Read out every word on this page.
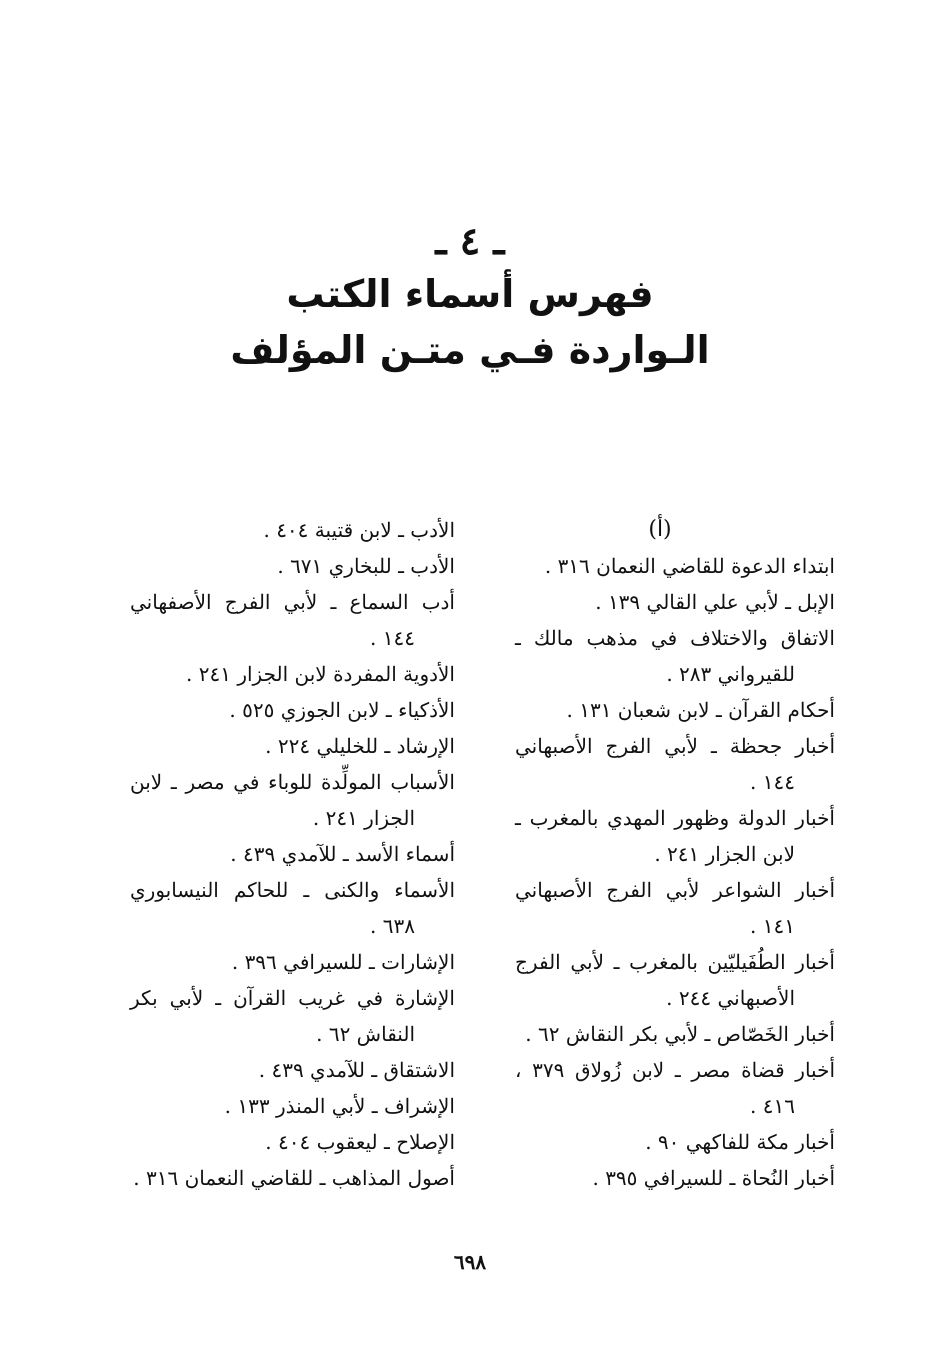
ـ ٤ ـ
فهرس أسماء الكتب
الـواردة فـي متـن المؤلف
(أ)

ابتداء الدعوة للقاضي النعمان ٣١٦ .

الإبل ـ لأبي علي القالي ١٣٩ .

الاتفاق والاختلاف في مذهب مالك ـ للقيرواني ٢٨٣ .

أحكام القرآن ـ لابن شعبان ١٣١ .

أخبار جحظة ـ لأبي الفرج الأصبهاني ١٤٤ .

أخبار الدولة وظهور المهدي بالمغرب ـ لابن الجزار ٢٤١ .

أخبار الشواعر لأبي الفرج الأصبهاني ١٤١ .

أخبار الطُفَيليّين بالمغرب ـ لأبي الفرج الأصبهاني ٢٤٤ .

أخبار الخَصّاص ـ لأبي بكر النقاش ٦٢ .

أخبار قضاة مصر ـ لابن زُولاق ٣٧٩ ، ٤١٦ .

أخبار مكة للفاكهي ٩٠ .

أخبار النُحاة ـ للسيرافي ٣٩٥ .

الأدب ـ لابن قتيبة ٤٠٤ .

الأدب ـ للبخاري ٦٧١ .

أدب السماع ـ لأبي الفرج الأصفهاني ١٤٤ .

الأدوية المفردة لابن الجزار ٢٤١ .

الأذكياء ـ لابن الجوزي ٥٢٥ .

الإرشاد ـ للخليلي ٢٢٤ .

الأسباب المولِّدة للوباء في مصر ـ لابن الجزار ٢٤١ .

أسماء الأسد ـ للآمدي ٤٣٩ .

الأسماء والكنى ـ للحاكم النيسابوري ٦٣٨ .

الإشارات ـ للسيرافي ٣٩٦ .

الإشارة في غريب القرآن ـ لأبي بكر النقاش ٦٢ .

الاشتقاق ـ للآمدي ٤٣٩ .

الإشراف ـ لأبي المنذر ١٣٣ .

الإصلاح ـ ليعقوب ٤٠٤ .

أصول المذاهب ـ للقاضي النعمان ٣١٦ .

٦٩٨
